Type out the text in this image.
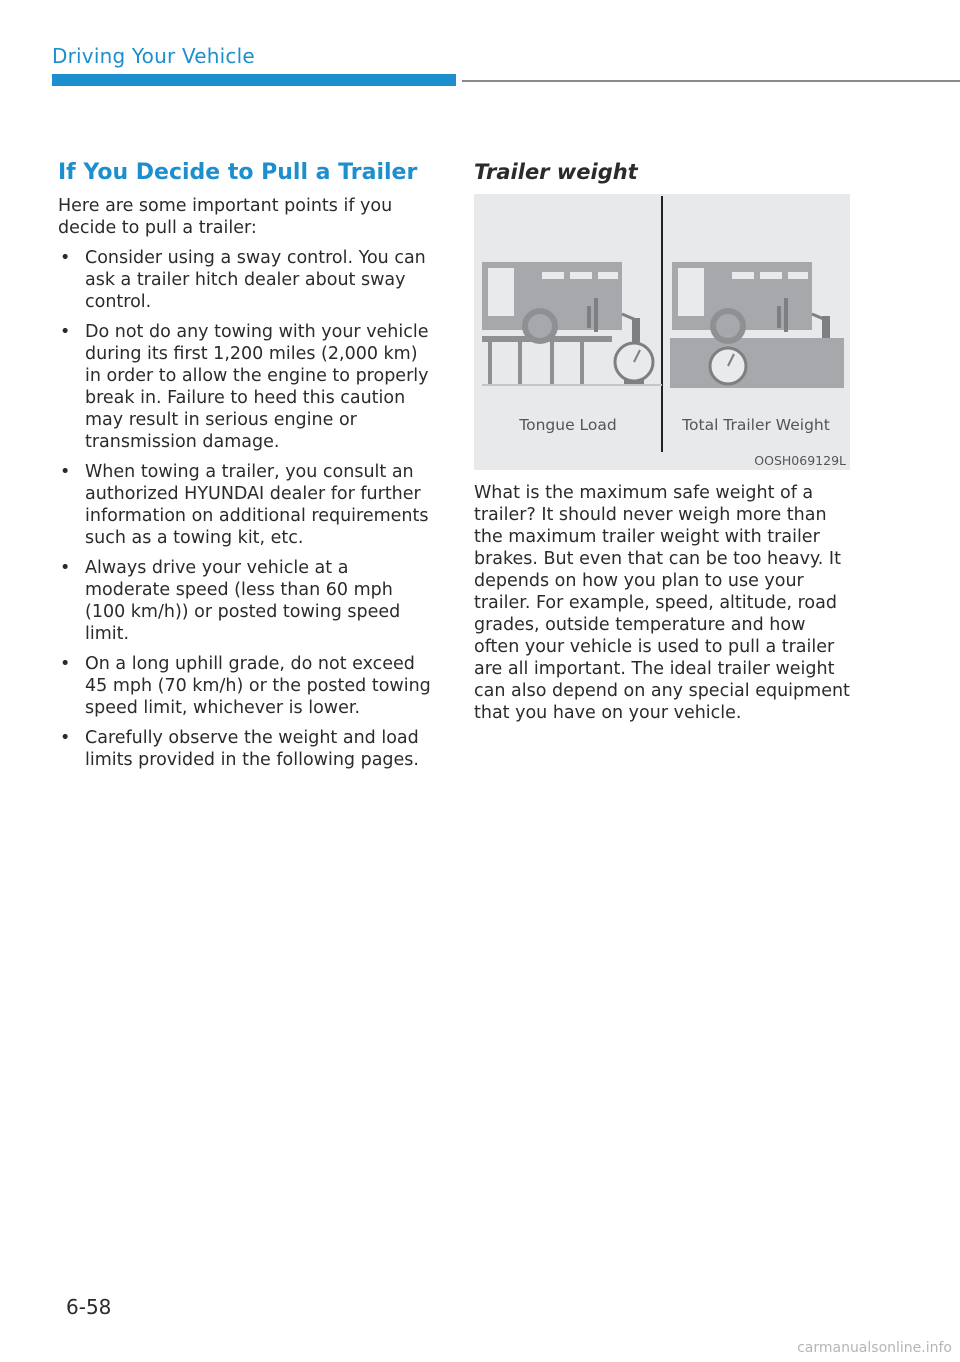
Driving Your Vehicle
If You Decide to Pull a Trailer

Here are some important points if you decide to pull a trailer:

• Consider using a sway control. You can ask a trailer hitch dealer about sway control.
• Do not do any towing with your vehicle during its first 1,200 miles (2,000 km) in order to allow the engine to properly break in. Failure to heed this caution may result in serious engine or transmission damage.
• When towing a trailer, you consult an authorized HYUNDAI dealer for further information on additional requirements such as a towing kit, etc.
• Always drive your vehicle at a moderate speed (less than 60 mph (100 km/h)) or posted towing speed limit.
• On a long uphill grade, do not exceed 45 mph (70 km/h) or the posted towing speed limit, whichever is lower.
• Carefully observe the weight and load limits provided in the following pages.
Trailer weight
Tongue Load	Total Trailer Weight
OOSH069129L

What is the maximum safe weight of a trailer? It should never weigh more than the maximum trailer weight with trailer brakes. But even that can be too heavy. It depends on how you plan to use your trailer. For example, speed, altitude, road grades, outside temperature and how often your vehicle is used to pull a trailer are all important. The ideal trailer weight can also depend on any special equipment that you have on your vehicle.

6-58
carmanualsonline.info
